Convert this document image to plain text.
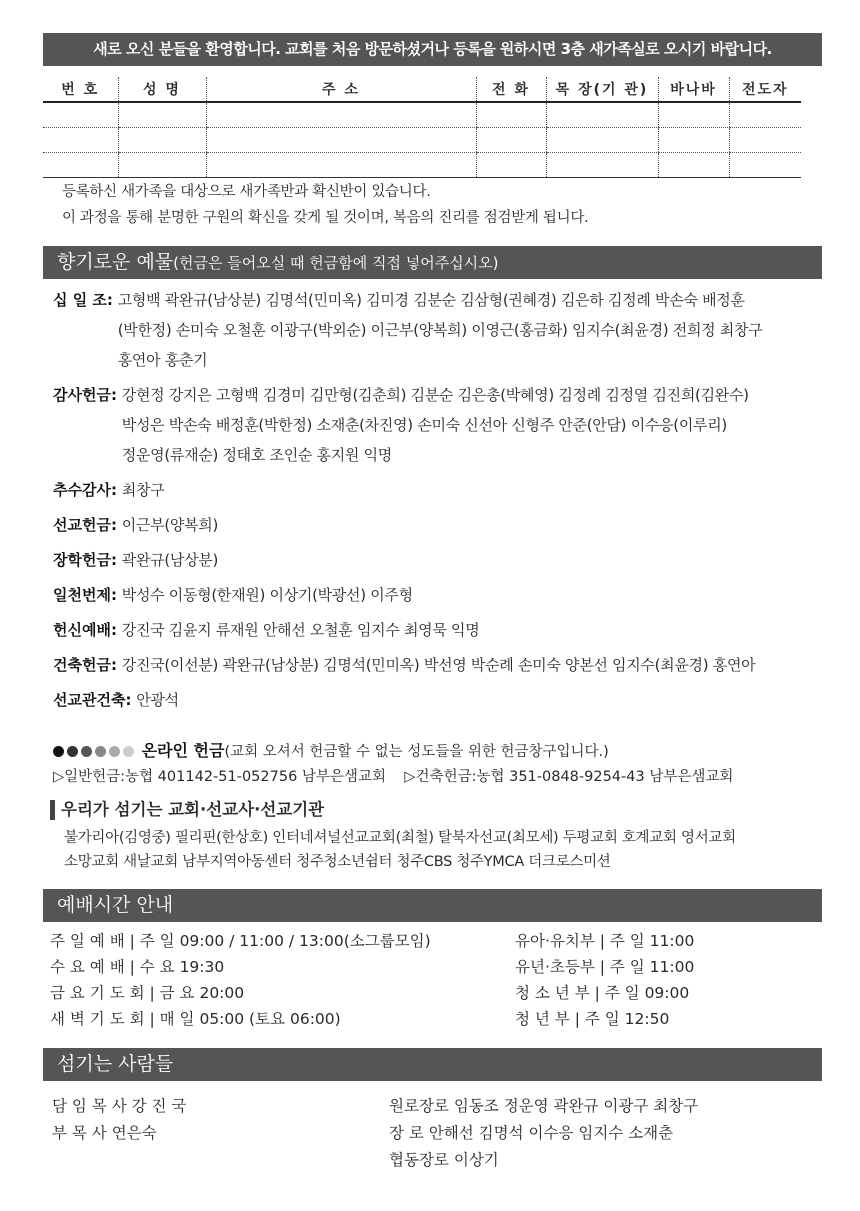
새로 오신 분들을 환영합니다. 교회를 처음 방문하셨거나 등록을 원하시면 3층 새가족실로 오시기 바랍니다.
번 호	성 명	주 소	전 화	목 장(기 관)	바나바	전도자

등록하신 새가족을 대상으로 새가족반과 확신반이 있습니다.
이 과정을 통해 분명한 구원의 확신을 갖게 될 것이며, 복음의 진리를 점검받게 됩니다.
향기로운 예물(헌금은 들어오실 때 헌금함에 직접 넣어주십시오)
십 일 조:
고형백 곽완규(남상분) 김명석(민미옥) 김미경 김분순 김삼형(권혜경) 김은하 김정례 박손숙 배정훈
(박한정) 손미숙 오철훈 이광구(박외순) 이근부(양복희) 이영근(홍금화) 임지수(최윤경) 전희정 최창구
홍연아 홍춘기
감사헌금:
강현정 강지은 고형백 김경미 김만형(김춘희) 김분순 김은총(박혜영) 김정례 김정열 김진희(김완수)
박성은 박손숙 배정훈(박한정) 소재춘(차진영) 손미숙 신선아 신형주 안준(안담) 이수응(이루리)
정운영(류재순) 정태호 조인순 홍지원 익명
추수감사:
최창구
선교헌금:
이근부(양복희)
장학헌금:
곽완규(남상분)
일천번제:
박성수 이동형(한재원) 이상기(박광선) 이주형
헌신예배:
강진국 김윤지 류재원 안해선 오철훈 임지수 최영묵 익명
건축헌금:
강진국(이선분) 곽완규(남상분) 김명석(민미옥) 박선영 박순례 손미숙 양본선 임지수(최윤경) 홍연아
선교관건축:
안광석
온라인 헌금(교회 오셔서 헌금할 수 없는 성도들을 위한 헌금창구입니다.)
▷일반헌금:농협 401142-51-052756 남부은샘교회 ▷건축헌금:농협 351-0848-9254-43 남부은샘교회
우리가 섬기는 교회·선교사·선교기관
불가리아(김영중) 필리핀(한상호) 인터네셔널선교교회(최철) 탈북자선교(최모세) 두평교회 호계교회 영서교회
소망교회 새날교회 남부지역아동센터 청주청소년쉼터 청주CBS 청주YMCA 더크로스미션
예배시간 안내
주 일 예 배 | 주 일 09:00 / 11:00 / 13:00(소그룹모임)
수 요 예 배 | 수 요 19:30
금 요 기 도 회 | 금 요 20:00
새 벽 기 도 회 | 매 일 05:00 (토요 06:00)
유아·유치부 | 주 일 11:00
유년·초등부 | 주 일 11:00
청 소 년 부 | 주 일 09:00
청 년 부 | 주 일 12:50
섬기는 사람들
담 임 목 사 강 진 국
부 목 사 연은숙
원로장로 임동조 정운영 곽완규 이광구 최창구
장 로 안해선 김명석 이수응 임지수 소재춘
협동장로 이상기
